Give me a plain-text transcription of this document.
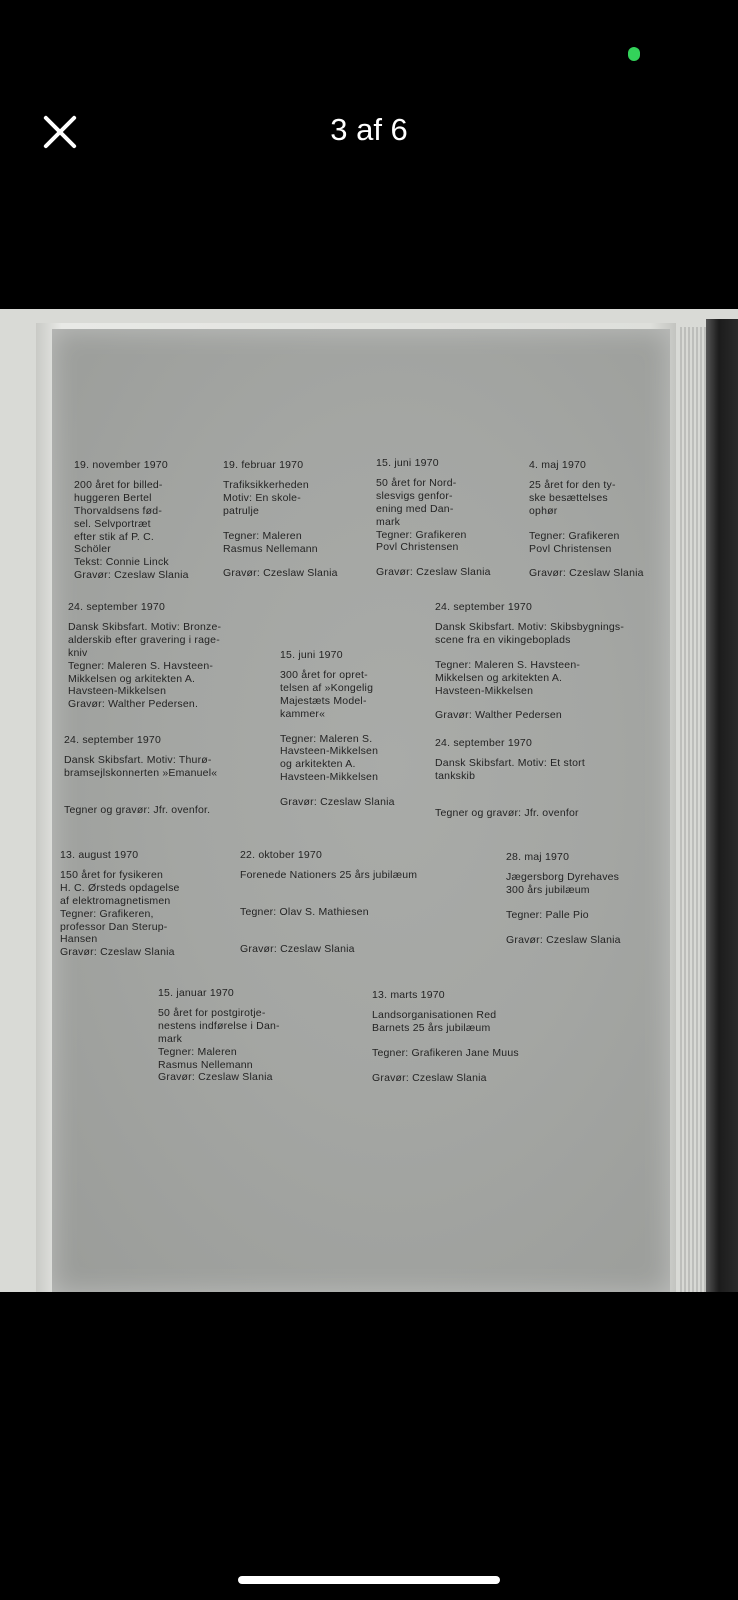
3 af 6
19. november 1970
200 året for billed-
huggeren Bertel
Thorvaldsens fød-
sel. Selvportræt
efter stik af P. C.
Schöler
Tekst: Connie Linck
Gravør: Czeslaw Slania
19. februar 1970
Trafiksikkerheden
Motiv: En skole-
patrulje
Tegner: Maleren
Rasmus Nellemann
Gravør: Czeslaw Slania
15. juni 1970
50 året for Nord-
slesvigs genfor-
ening med Dan-
mark
Tegner: Grafikeren
Povl Christensen
Gravør: Czeslaw Slania
4. maj 1970
25 året for den ty-
ske besættelses
ophør
Tegner: Grafikeren
Povl Christensen
Gravør: Czeslaw Slania
24. september 1970
Dansk Skibsfart. Motiv: Bronze-
alderskib efter gravering i rage-
kniv
Tegner: Maleren S. Havsteen-
Mikkelsen og arkitekten A.
Havsteen-Mikkelsen
Gravør: Walther Pedersen.
15. juni 1970
300 året for opret-
telsen af »Kongelig
Majestæts Model-
kammer«
Tegner: Maleren S.
Havsteen-Mikkelsen
og arkitekten A.
Havsteen-Mikkelsen
Gravør: Czeslaw Slania
24. september 1970
Dansk Skibsfart. Motiv: Skibsbygnings-
scene fra en vikingeboplads
Tegner: Maleren S. Havsteen-
Mikkelsen og arkitekten A.
Havsteen-Mikkelsen
Gravør: Walther Pedersen
24. september 1970
Dansk Skibsfart. Motiv: Thurø-
bramsejlskonnerten »Emanuel«
Tegner og gravør: Jfr. ovenfor.
24. september 1970
Dansk Skibsfart. Motiv: Et stort
tankskib
Tegner og gravør: Jfr. ovenfor
13. august 1970
150 året for fysikeren
H. C. Ørsteds opdagelse
af elektromagnetismen
Tegner: Grafikeren,
professor Dan Sterup-
Hansen
Gravør: Czeslaw Slania
22. oktober 1970
Forenede Nationers 25 års jubilæum
Tegner: Olav S. Mathiesen
Gravør: Czeslaw Slania
28. maj 1970
Jægersborg Dyrehaves
300 års jubilæum
Tegner: Palle Pio
Gravør: Czeslaw Slania
15. januar 1970
50 året for postgirotje-
nestens indførelse i Dan-
mark
Tegner: Maleren
Rasmus Nellemann
Gravør: Czeslaw Slania
13. marts 1970
Landsorganisationen Red
Barnets 25 års jubilæum
Tegner: Grafikeren Jane Muus
Gravør: Czeslaw Slania
